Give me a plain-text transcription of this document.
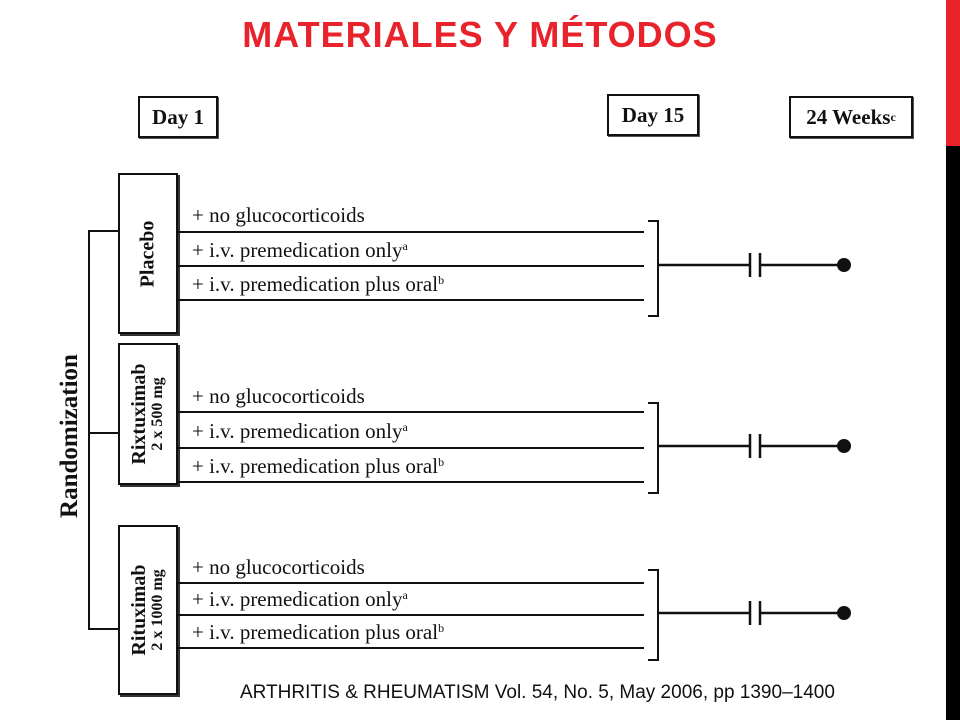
MATERIALES Y MÉTODOS
Day 1	Day 15	24 Weeks c
Randomization
Placebo
Rixtuximab 2 x 500 mg
Rituximab 2 x 1000 mg
+ no glucocorticoids
+ i.v. premedication only$^a$
+ i.v. premedication plus oral$^b$
+ no glucocorticoids
+ i.v. premedication only$^a$
+ i.v. premedication plus oral$^b$
+ no glucocorticoids
+ i.v. premedication only$^a$
+ i.v. premedication plus oral$^b$
ARTHRITIS & RHEUMATISM Vol. 54, No. 5, May 2006, pp 1390–1400
